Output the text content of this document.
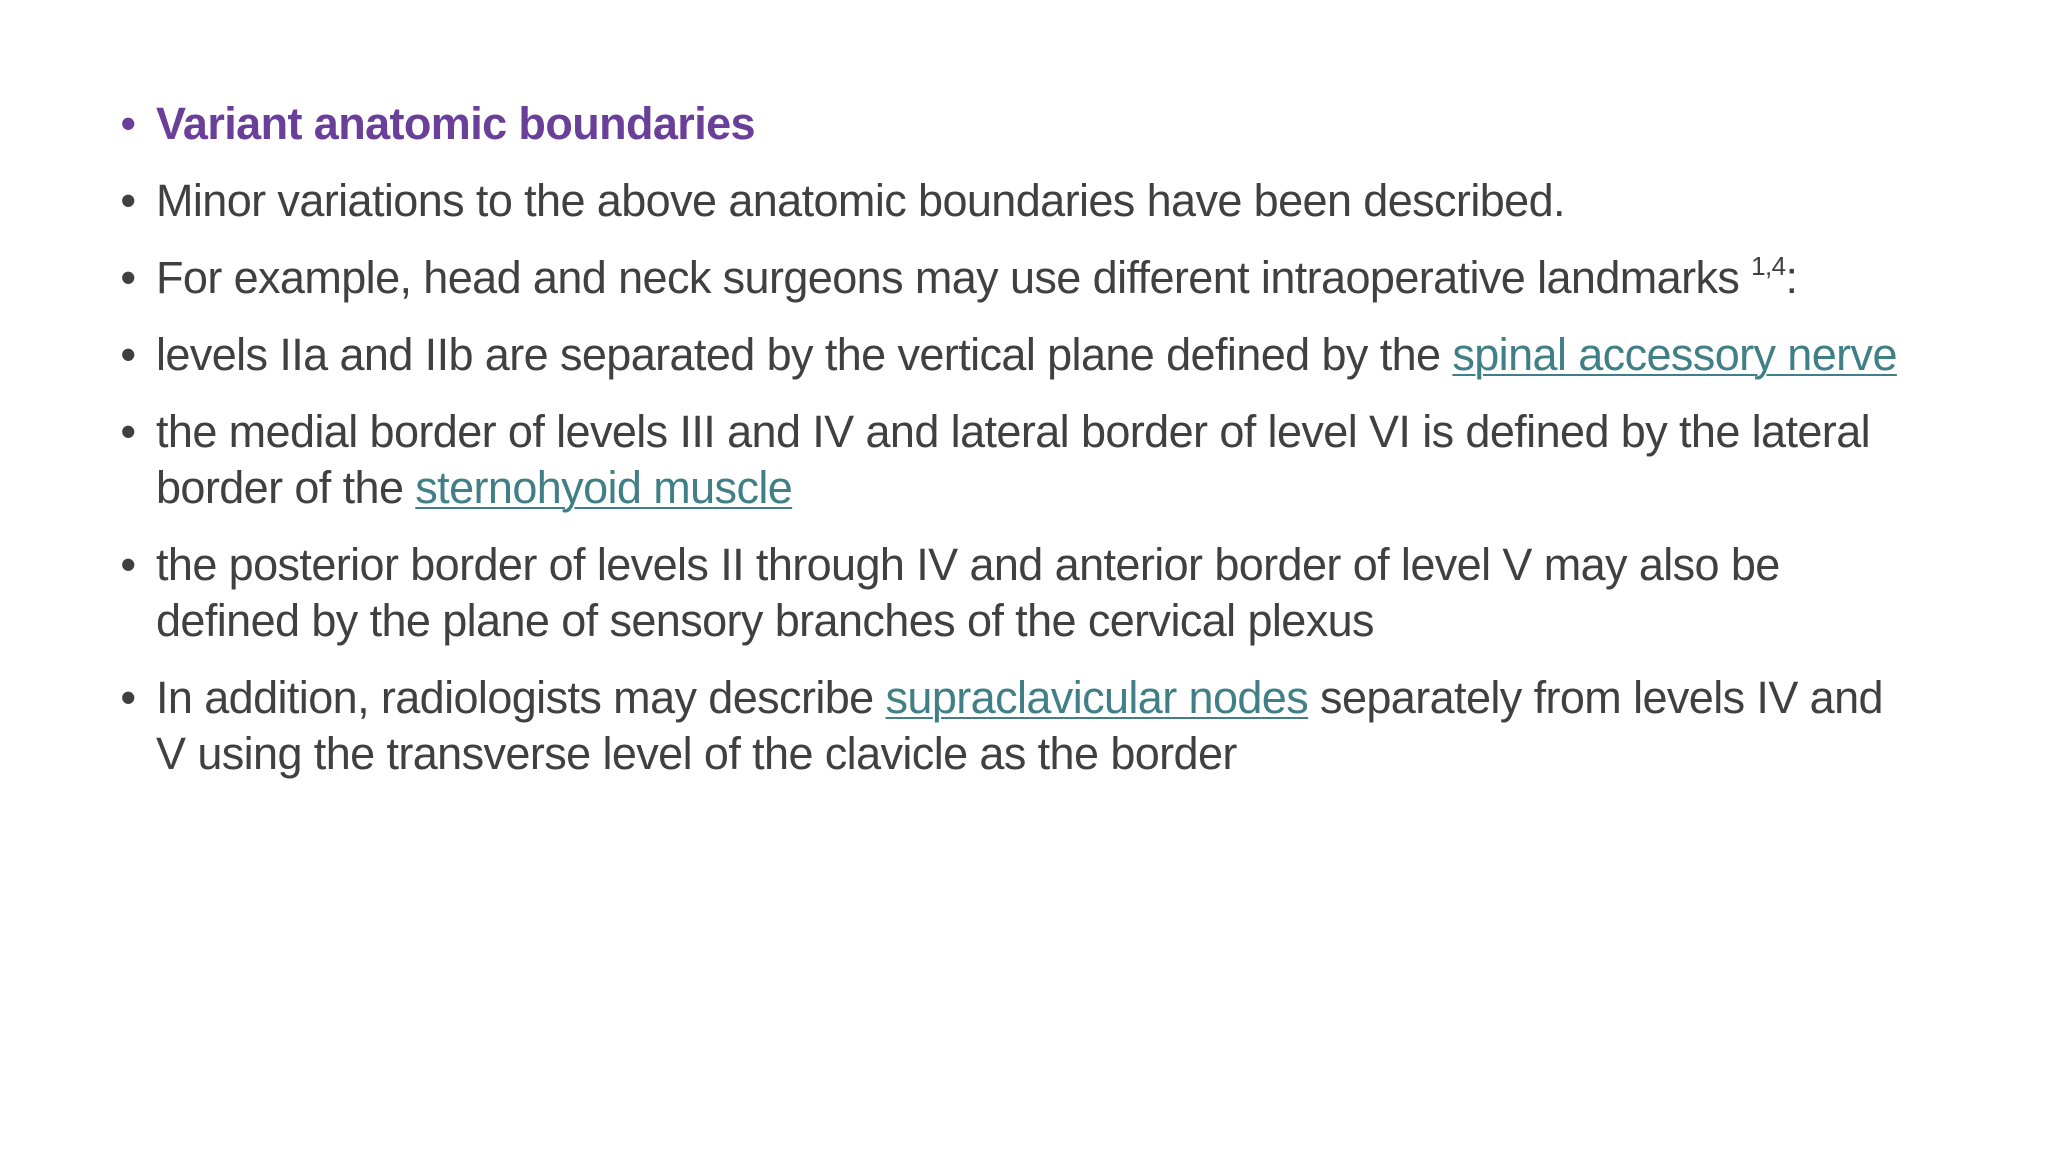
• Variant anatomic boundaries
• Minor variations to the above anatomic boundaries have been described.
• For example, head and neck surgeons may use different intraoperative landmarks $^{1,4}$:
• levels IIa and IIb are separated by the vertical plane defined by the spinal accessory nerve
• the medial border of levels III and IV and lateral border of level VI is defined by the lateral border of the sternohyoid muscle
• the posterior border of levels II through IV and anterior border of level V may also be defined by the plane of sensory branches of the cervical plexus
• In addition, radiologists may describe supraclavicular nodes separately from levels IV and V using the transverse level of the clavicle as the border
